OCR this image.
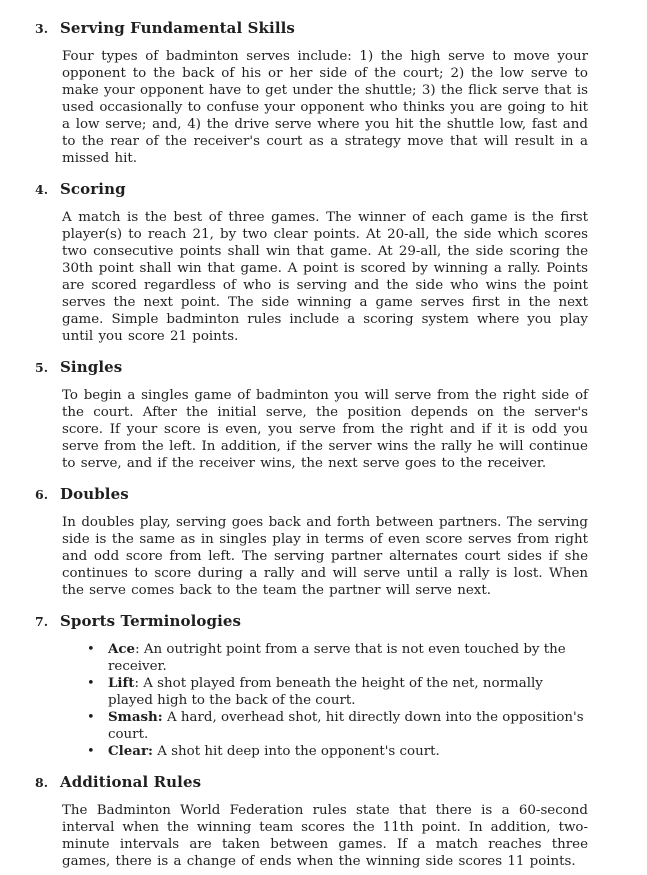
3. Serving Fundamental Skills

Four types of badminton serves include: 1) the high serve to move your opponent to the back of his or her side of the court; 2) the low serve to make your opponent have to get under the shuttle; 3) the flick serve that is used occasionally to confuse your opponent who thinks you are going to hit a low serve; and, 4) the drive serve where you hit the shuttle low, fast and to the rear of the receiver's court as a strategy move that will result in a missed hit.

4. Scoring

A match is the best of three games. The winner of each game is the first player(s) to reach 21, by two clear points. At 20-all, the side which scores two consecutive points shall win that game. At 29-all, the side scoring the 30th point shall win that game. A point is scored by winning a rally. Points are scored regardless of who is serving and the side who wins the point serves the next point. The side winning a game serves first in the next game. Simple badminton rules include a scoring system where you play until you score 21 points.

5. Singles

To begin a singles game of badminton you will serve from the right side of the court. After the initial serve, the position depends on the server's score. If your score is even, you serve from the right and if it is odd you serve from the left. In addition, if the server wins the rally he will continue to serve, and if the receiver wins, the next serve goes to the receiver.

6. Doubles

In doubles play, serving goes back and forth between partners. The serving side is the same as in singles play in terms of even score serves from right and odd score from left. The serving partner alternates court sides if she continues to score during a rally and will serve until a rally is lost. When the serve comes back to the team the partner will serve next.

7. Sports Terminologies
• Ace: An outright point from a serve that is not even touched by the receiver.
• Lift: A shot played from beneath the height of the net, normally played high to the back of the court.
• Smash: A hard, overhead shot, hit directly down into the opposition's court.
• Clear: A shot hit deep into the opponent's court.
8. Additional Rules

The Badminton World Federation rules state that there is a 60-second interval when the winning team scores the 11th point. In addition, two-minute intervals are taken between games. If a match reaches three games, there is a change of ends when the winning side scores 11 points.
